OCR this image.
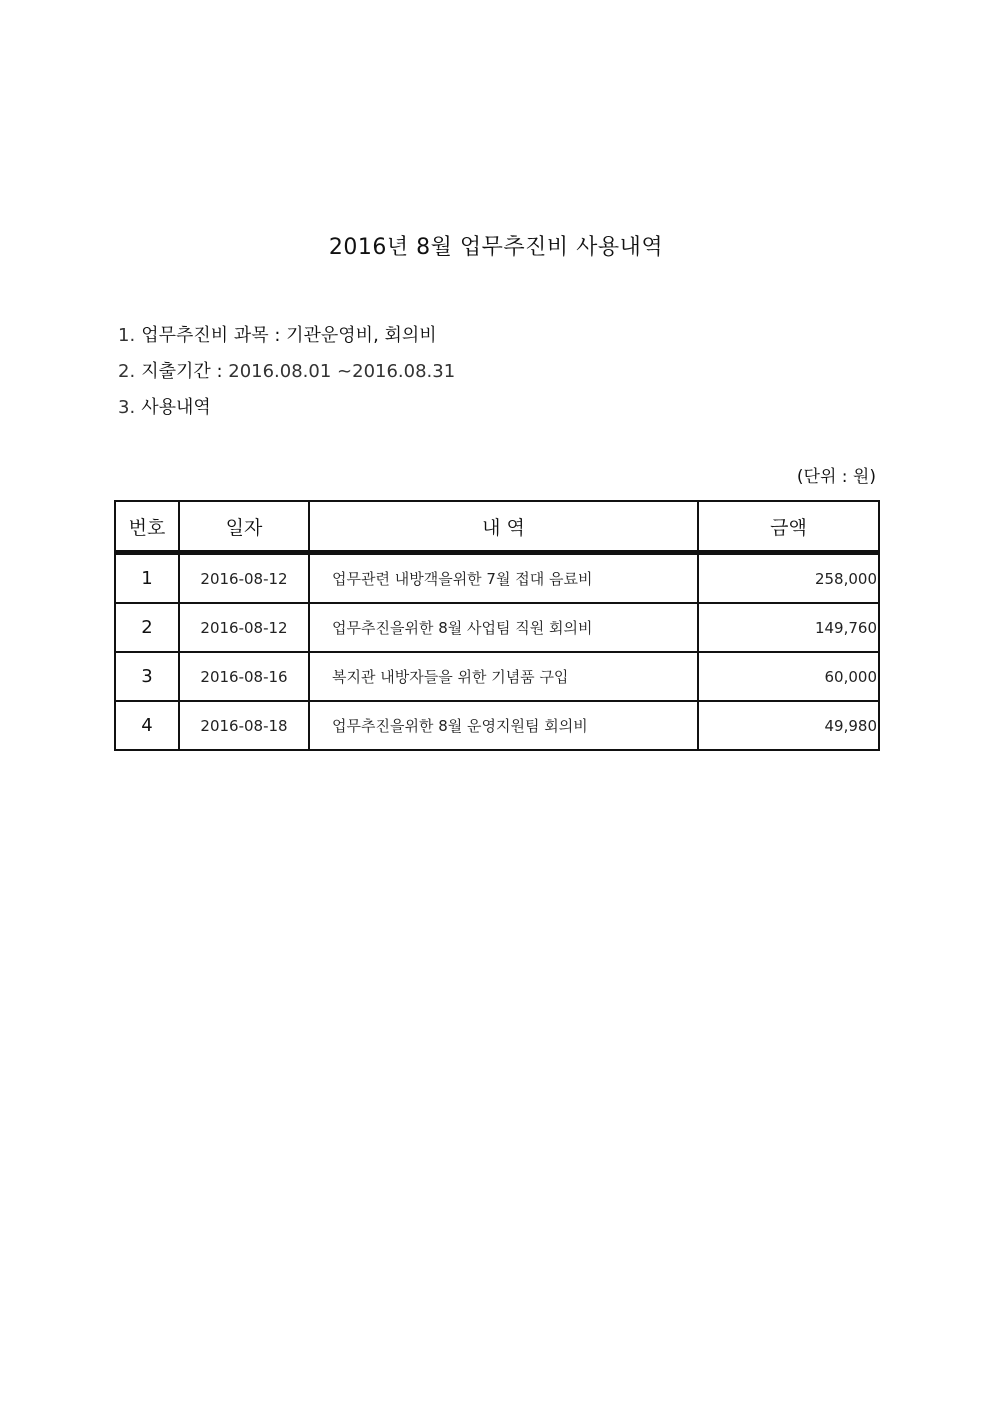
2016년 8월 업무추진비 사용내역
1. 업무추진비 과목 : 기관운영비, 회의비
2. 지출기간 : 2016.08.01 ~2016.08.31
3. 사용내역
(단위 : 원)
번호	일자	내 역	금액
1	2016-08-12	업무관련 내방객을위한 7월 접대 음료비	258,000
2	2016-08-12	업무추진을위한 8월 사업팀 직원 회의비	149,760
3	2016-08-16	복지관 내방자들을 위한 기념품 구입	60,000
4	2016-08-18	업무추진을위한 8월 운영지원팀 회의비	49,980
